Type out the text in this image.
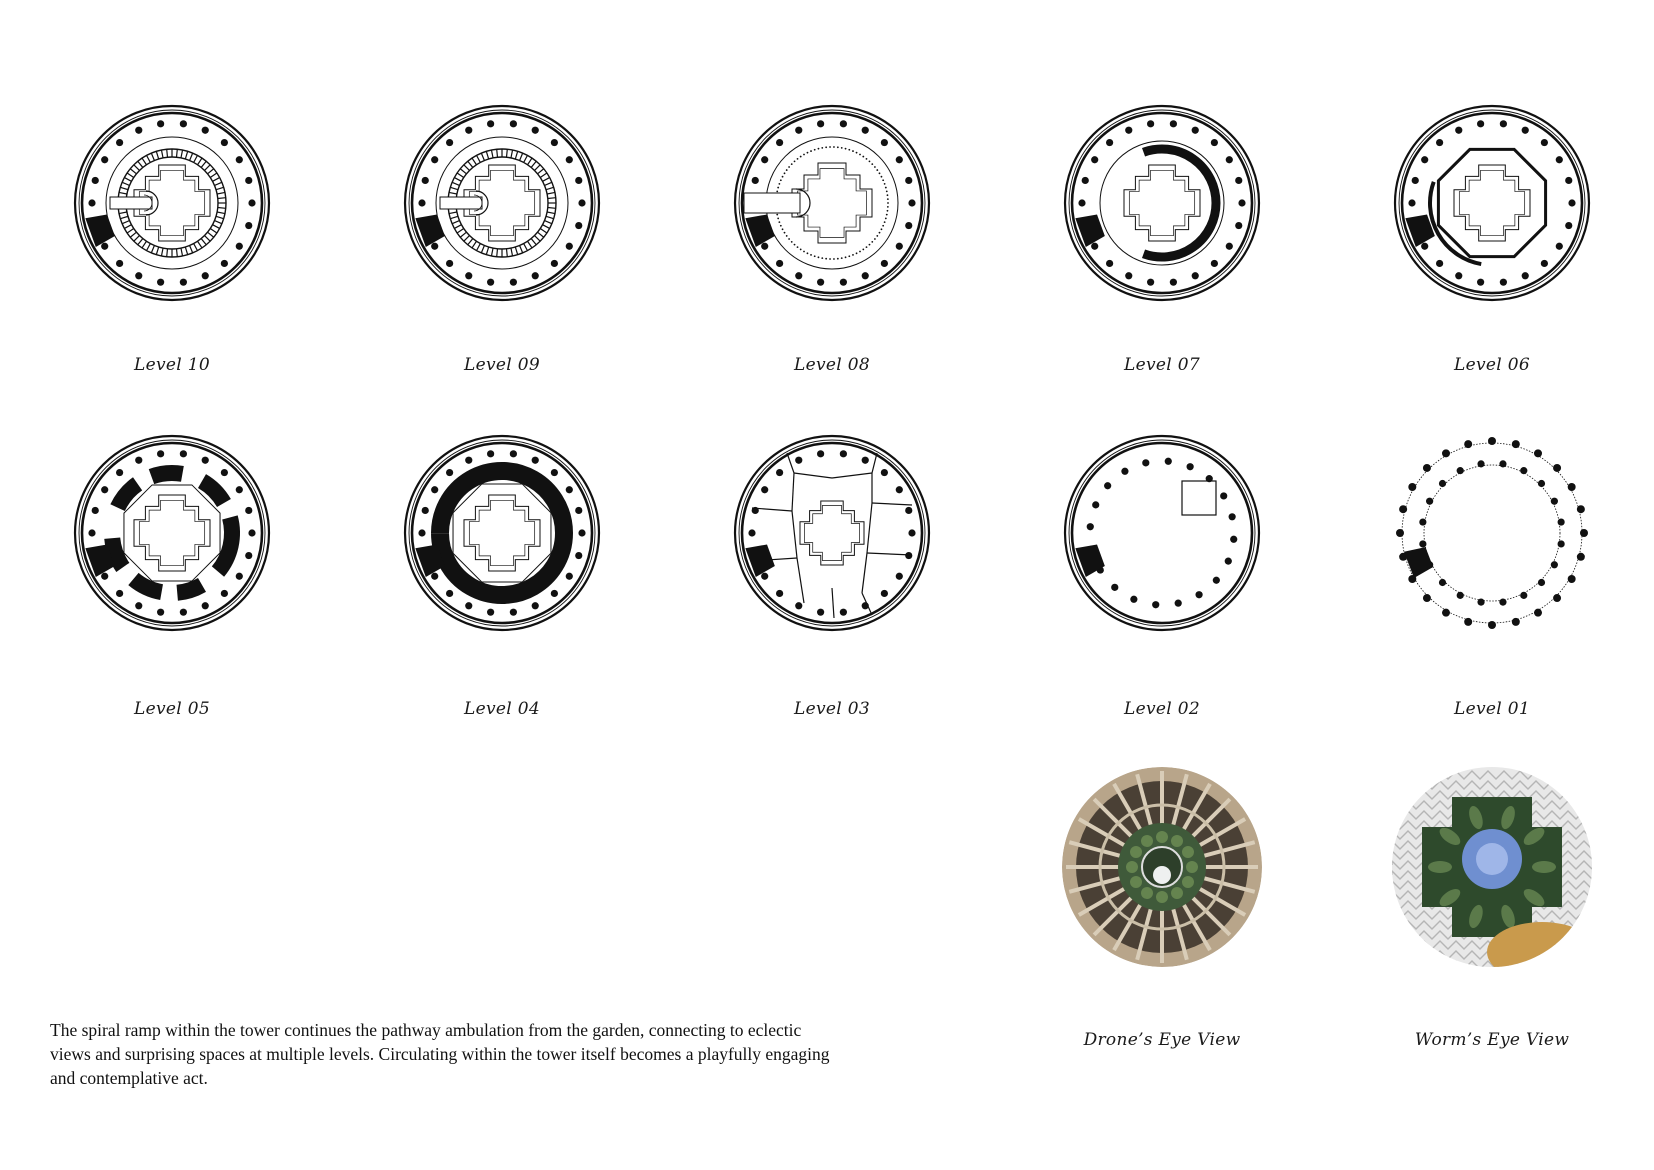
Level 10	Level 09	Level 08	Level 07	Level 06
Level 05	Level 04	Level 03	Level 02	Level 01
Drone’s Eye View	Worm’s Eye View
The spiral ramp within the tower continues the pathway ambulation from the garden, connecting to eclectic views and surprising spaces at multiple levels. Circulating within the tower itself becomes a playfully engaging and contemplative act.
